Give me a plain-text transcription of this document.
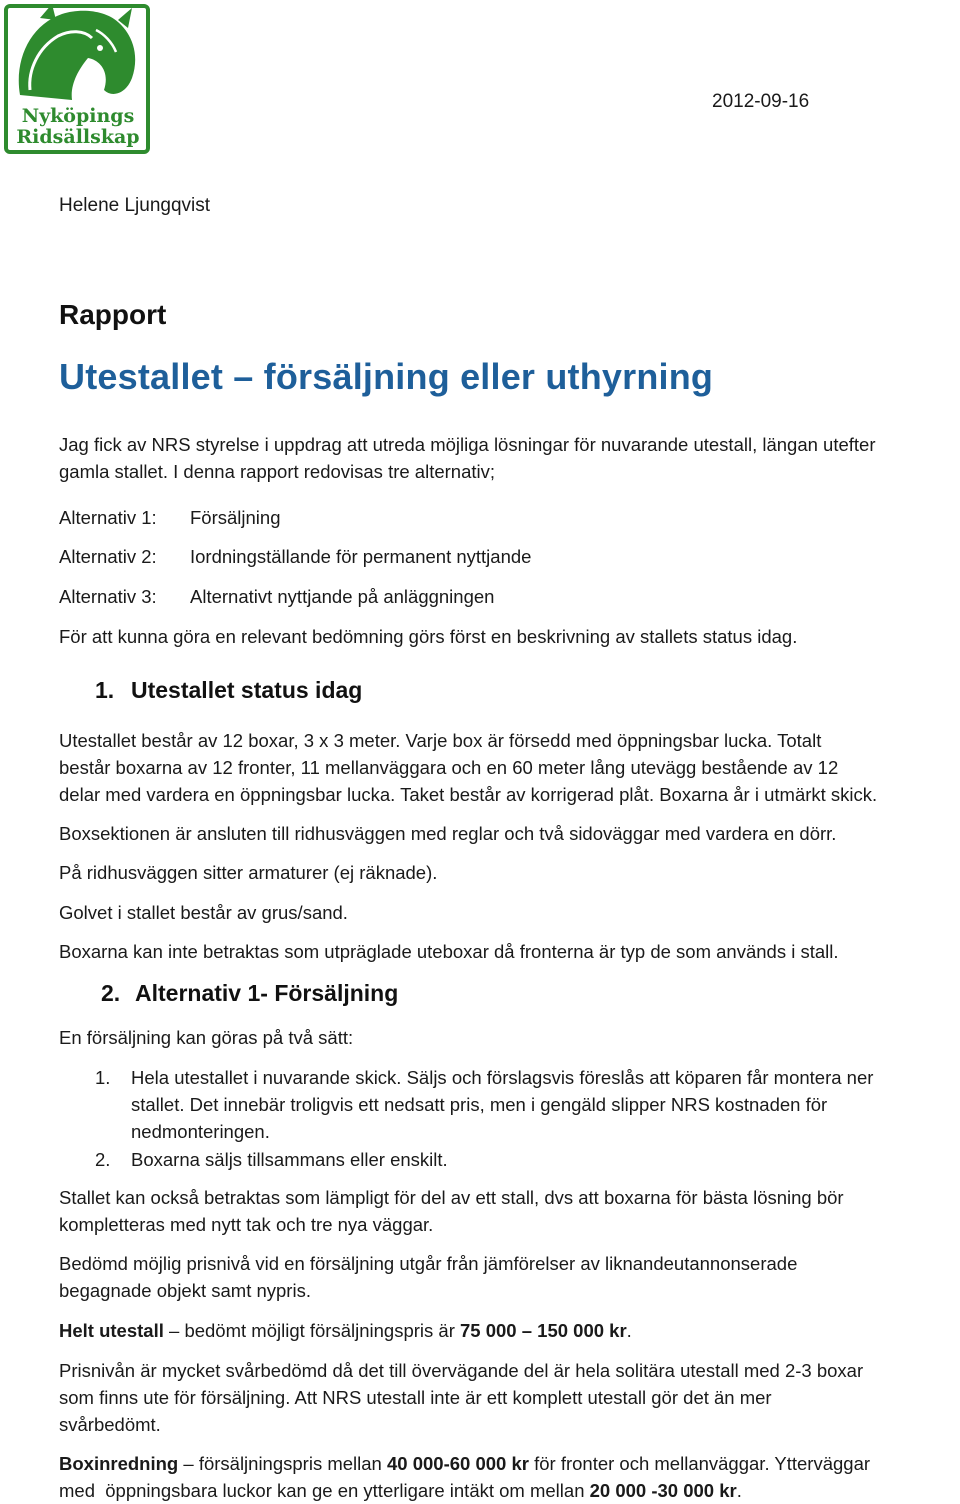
Nyköpings
Ridsällskap
2012-09-16
Helene Ljungqvist
Rapport
Utestallet – försäljning eller uthyrning
Jag fick av NRS styrelse i uppdrag att utreda möjliga lösningar för nuvarande utestall, längan utefter
gamla stallet. I denna rapport redovisas tre alternativ;
Alternativ 1: Försäljning
Alternativ 2: Iordningställande för permanent nyttjande
Alternativ 3: Alternativt nyttjande på anläggningen
För att kunna göra en relevant bedömning görs först en beskrivning av stallets status idag.
1. Utestallet status idag
Utestallet består av 12 boxar, 3 x 3 meter. Varje box är försedd med öppningsbar lucka. Totalt
består boxarna av 12 fronter, 11 mellanväggara och en 60 meter lång utevägg bestående av 12
delar med vardera en öppningsbar lucka. Taket består av korrigerad plåt. Boxarna år i utmärkt skick.
Boxsektionen är ansluten till ridhusväggen med reglar och två sidoväggar med vardera en dörr.
På ridhusväggen sitter armaturer (ej räknade).
Golvet i stallet består av grus/sand.
Boxarna kan inte betraktas som utpräglade uteboxar då fronterna är typ de som används i stall.
2. Alternativ 1- Försäljning
En försäljning kan göras på två sätt:
1. Hela utestallet i nuvarande skick. Säljs och förslagsvis föreslås att köparen får montera ner
stallet. Det innebär troligvis ett nedsatt pris, men i gengäld slipper NRS kostnaden för
nedmonteringen.
2. Boxarna säljs tillsammans eller enskilt.
Stallet kan också betraktas som lämpligt för del av ett stall, dvs att boxarna för bästa lösning bör
kompletteras med nytt tak och tre nya väggar.
Bedömd möjlig prisnivå vid en försäljning utgår från jämförelser av liknandeutannonserade
begagnade objekt samt nypris.
Helt utestall – bedömt möjligt försäljningspris är 75 000 – 150 000 kr.
Prisnivån är mycket svårbedömd då det till övervägande del är hela solitära utestall med 2-3 boxar
som finns ute för försäljning. Att NRS utestall inte är ett komplett utestall gör det än mer
svårbedömt.
Boxinredning – försäljningspris mellan 40 000-60 000 kr för fronter och mellanväggar. Ytterväggar
med  öppningsbara luckor kan ge en ytterligare intäkt om mellan 20 000 -30 000 kr.
